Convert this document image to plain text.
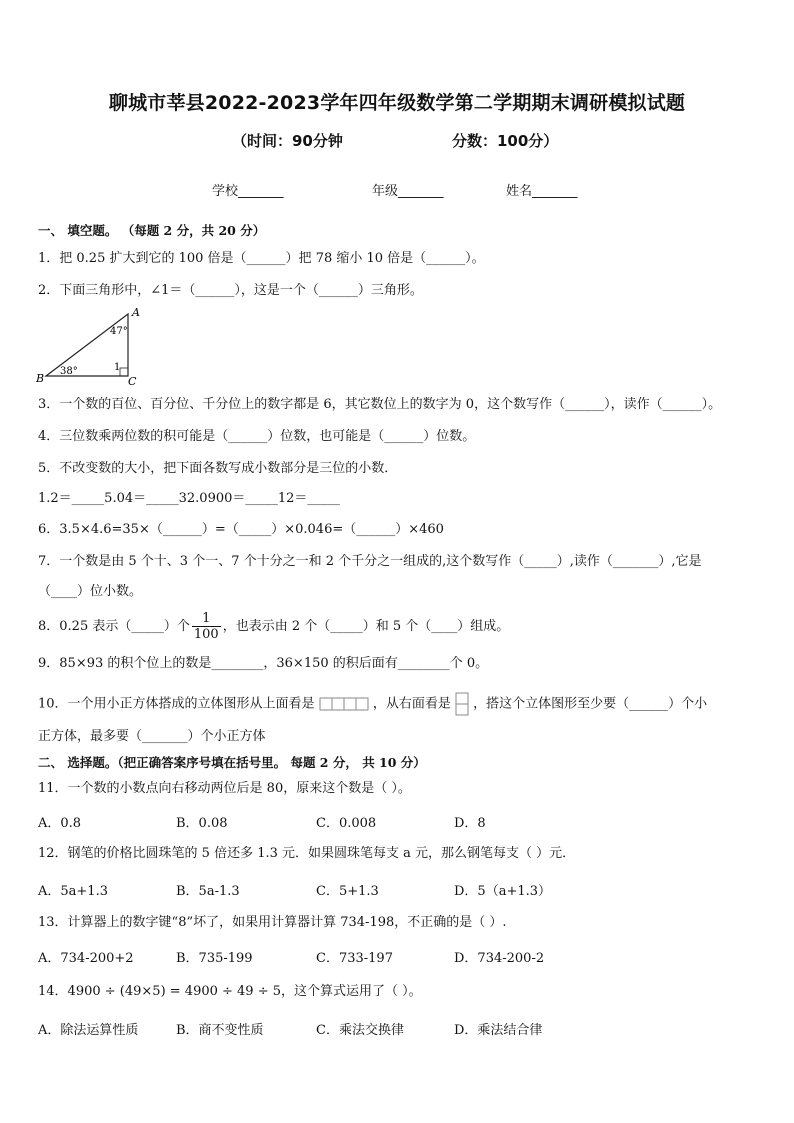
聊城市莘县2022-2023学年四年级数学第二学期期末调研模拟试题
（时间：90分钟	分数：100分）
学校_______	年级_______	姓名_______
一、 填空题。 （每题 2 分，共 20 分）
1．把 0.25 扩大到它的 100 倍是（______）把 78 缩小 10 倍是（______）。
2．下面三角形中，∠1＝（______），这是一个（______）三角形。
A
B	C
47°
38°	1
3．一个数的百位、百分位、千分位上的数字都是 6，其它数位上的数字为 0，这个数写作（______），读作（______）。
4．三位数乘两位数的积可能是（______）位数，也可能是（______）位数。
5．不改变数的大小，把下面各数写成小数部分是三位的小数．
1.2＝_____5.04＝_____32.0900＝_____12＝_____
6．3.5×4.6=35×（______）=（_____）×0.046=（______）×460
7．一个数是由 5 个十、3 个一、7 个十分之一和 2 个千分之一组成的,这个数写作（_____）,读作（_______）,它是
（____）位小数。
8．0.25 表示（_____）个 $\frac{1}{100}$ ，也表示由 2 个（_____）和 5 个（____）组成。
9．85×93 的积个位上的数是________，36×150 的积后面有________个 0。
10．一个用小正方体搭成的立体图形从上面看是	，从右面看是 ，搭这个立体图形至少要（______）个小
正方体，最多要（_______）个小正方体
二、 选择题。（把正确答案序号填在括号里。 每题 2 分， 共 10 分）
11．一个数的小数点向右移动两位后是 80，原来这个数是（ ）。
A．0.8	B．0.08	C．0.008	D．8
12．钢笔的价格比圆珠笔的 5 倍还多 1.3 元．如果圆珠笔每支 a 元，那么钢笔每支（ ）元．
A．5a+1.3	B．5a-1.3	C．5+1.3	D．5（a+1.3）
13．计算器上的数字键“8”坏了，如果用计算器计算 734-198，不正确的是（ ）.
A．734-200+2	B．735-199	C．733-197	D．734-200-2
14．4900 ÷ (49×5) = 4900 ÷ 49 ÷ 5，这个算式运用了（ ）。
A．除法运算性质	B．商不变性质	C．乘法交换律	D．乘法结合律
